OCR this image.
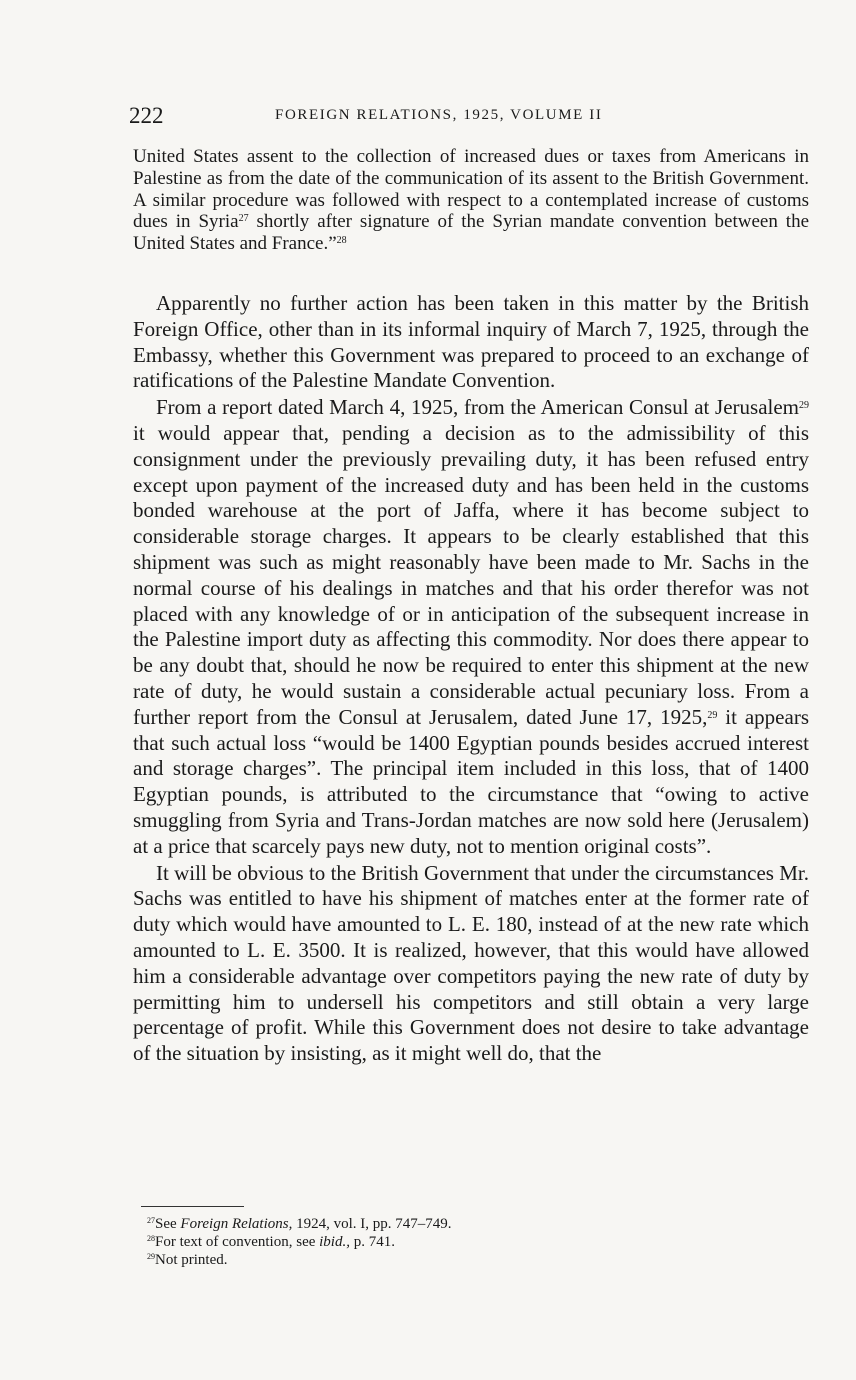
222	FOREIGN RELATIONS, 1925, VOLUME II
United States assent to the collection of increased dues or taxes from Americans in Palestine as from the date of the communication of its assent to the British Government. A similar procedure was followed with respect to a contemplated increase of customs dues in Syria$^{27}$ shortly after signature of the Syrian mandate convention between the United States and France.”$^{28}$

Apparently no further action has been taken in this matter by the British Foreign Office, other than in its informal inquiry of March 7, 1925, through the Embassy, whether this Government was prepared to proceed to an exchange of ratifications of the Palestine Mandate Convention.

From a report dated March 4, 1925, from the American Consul at Jerusalem$^{29}$ it would appear that, pending a decision as to the admissibility of this consignment under the previously prevailing duty, it has been refused entry except upon payment of the increased duty and has been held in the customs bonded warehouse at the port of Jaffa, where it has become subject to considerable storage charges. It appears to be clearly established that this shipment was such as might reasonably have been made to Mr. Sachs in the normal course of his dealings in matches and that his order therefor was not placed with any knowledge of or in anticipation of the subsequent increase in the Palestine import duty as affecting this commodity. Nor does there appear to be any doubt that, should he now be required to enter this shipment at the new rate of duty, he would sustain a considerable actual pecuniary loss. From a further report from the Consul at Jerusalem, dated June 17, 1925,29 it appears that such actual loss “would be 1400 Egyptian pounds besides accrued interest and storage charges”. The principal item included in this loss, that of 1400 Egyptian pounds, is attributed to the circumstance that “owing to active smuggling from Syria and Trans-Jordan matches are now sold here (Jerusalem) at a price that scarcely pays new duty, not to mention original costs”.

It will be obvious to the British Government that under the circumstances Mr. Sachs was entitled to have his shipment of matches enter at the former rate of duty which would have amounted to L. E. 180, instead of at the new rate which amounted to L. E. 3500. It is realized, however, that this would have allowed him a considerable advantage over competitors paying the new rate of duty by permitting him to undersell his competitors and still obtain a very large percentage of profit. While this Government does not desire to take advantage of the situation by insisting, as it might well do, that the

$^{27}$See Foreign Relations, 1924, vol. I, pp. 747–749.
$^{28}$For text of convention, see ibid., p. 741.
$^{29}$Not printed.
